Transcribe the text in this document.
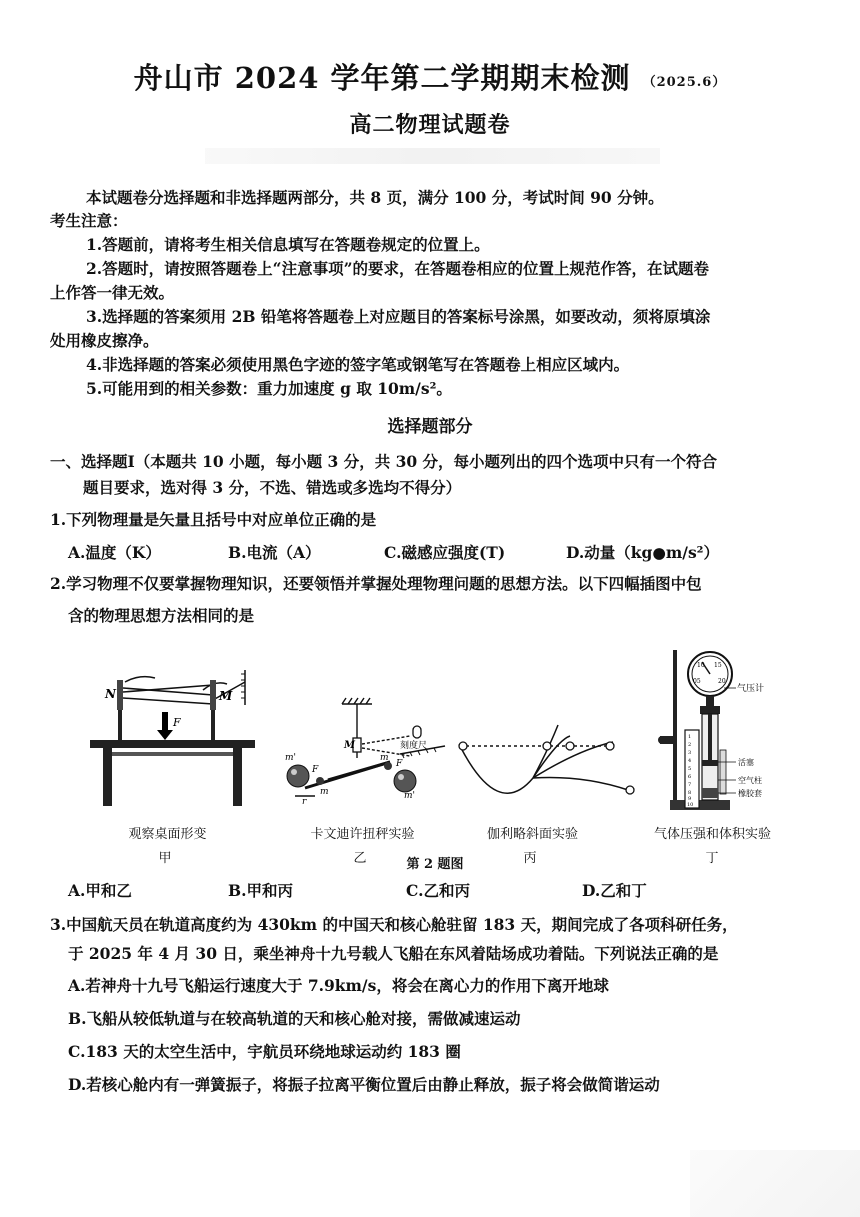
舟山市 2024 学年第二学期期末检测 （2025.6）
高二物理试题卷
本试题卷分选择题和非选择题两部分，共 8 页，满分 100 分，考试时间 90 分钟。
考生注意：
1.答题前，请将考生相关信息填写在答题卷规定的位置上。
2.答题时，请按照答题卷上“注意事项”的要求，在答题卷相应的位置上规范作答，在试题卷
上作答一律无效。
3.选择题的答案须用 2B 铅笔将答题卷上对应题目的答案标号涂黑，如要改动，须将原填涂
处用橡皮擦净。
4.非选择题的答案必须使用黑色字迹的签字笔或钢笔写在答题卷上相应区域内。
5.可能用到的相关参数：重力加速度 g 取 10m/s²。
选择题部分
一、选择题Ⅰ（本题共 10 小题，每小题 3 分，共 30 分，每小题列出的四个选项中只有一个符合
题目要求，选对得 3 分，不选、错选或多选均不得分）
1.下列物理量是矢量且括号中对应单位正确的是
A.温度（K）	B.电流（A）	C.磁感应强度(T)	D.动量（kg●m/s²）
2.学习物理不仅要掌握物理知识，还要领悟并掌握处理物理问题的思想方法。以下四幅插图中包
含的物理思想方法相同的是
N	M
F
M	刻度尺
m'
F
m
r
m
F
m'
05
10 15
20
1
2
3
4
5
6
7
8
9
10
气压计
活塞
空气柱
橡胶套
观察桌面形变
甲
卡文迪许扭秤实验
乙
伽利略斜面实验
丙
气体压强和体积实验
丁
第 2 题图
A.甲和乙	B.甲和丙	C.乙和丙	D.乙和丁
3.中国航天员在轨道高度约为 430km 的中国天和核心舱驻留 183 天，期间完成了各项科研任务，
于 2025 年 4 月 30 日，乘坐神舟十九号载人飞船在东风着陆场成功着陆。下列说法正确的是
A.若神舟十九号飞船运行速度大于 7.9km/s，将会在离心力的作用下离开地球
B.飞船从较低轨道与在较高轨道的天和核心舱对接，需做减速运动
C.183 天的太空生活中，宇航员环绕地球运动约 183 圈
D.若核心舱内有一弹簧振子，将振子拉离平衡位置后由静止释放，振子将会做简谐运动
